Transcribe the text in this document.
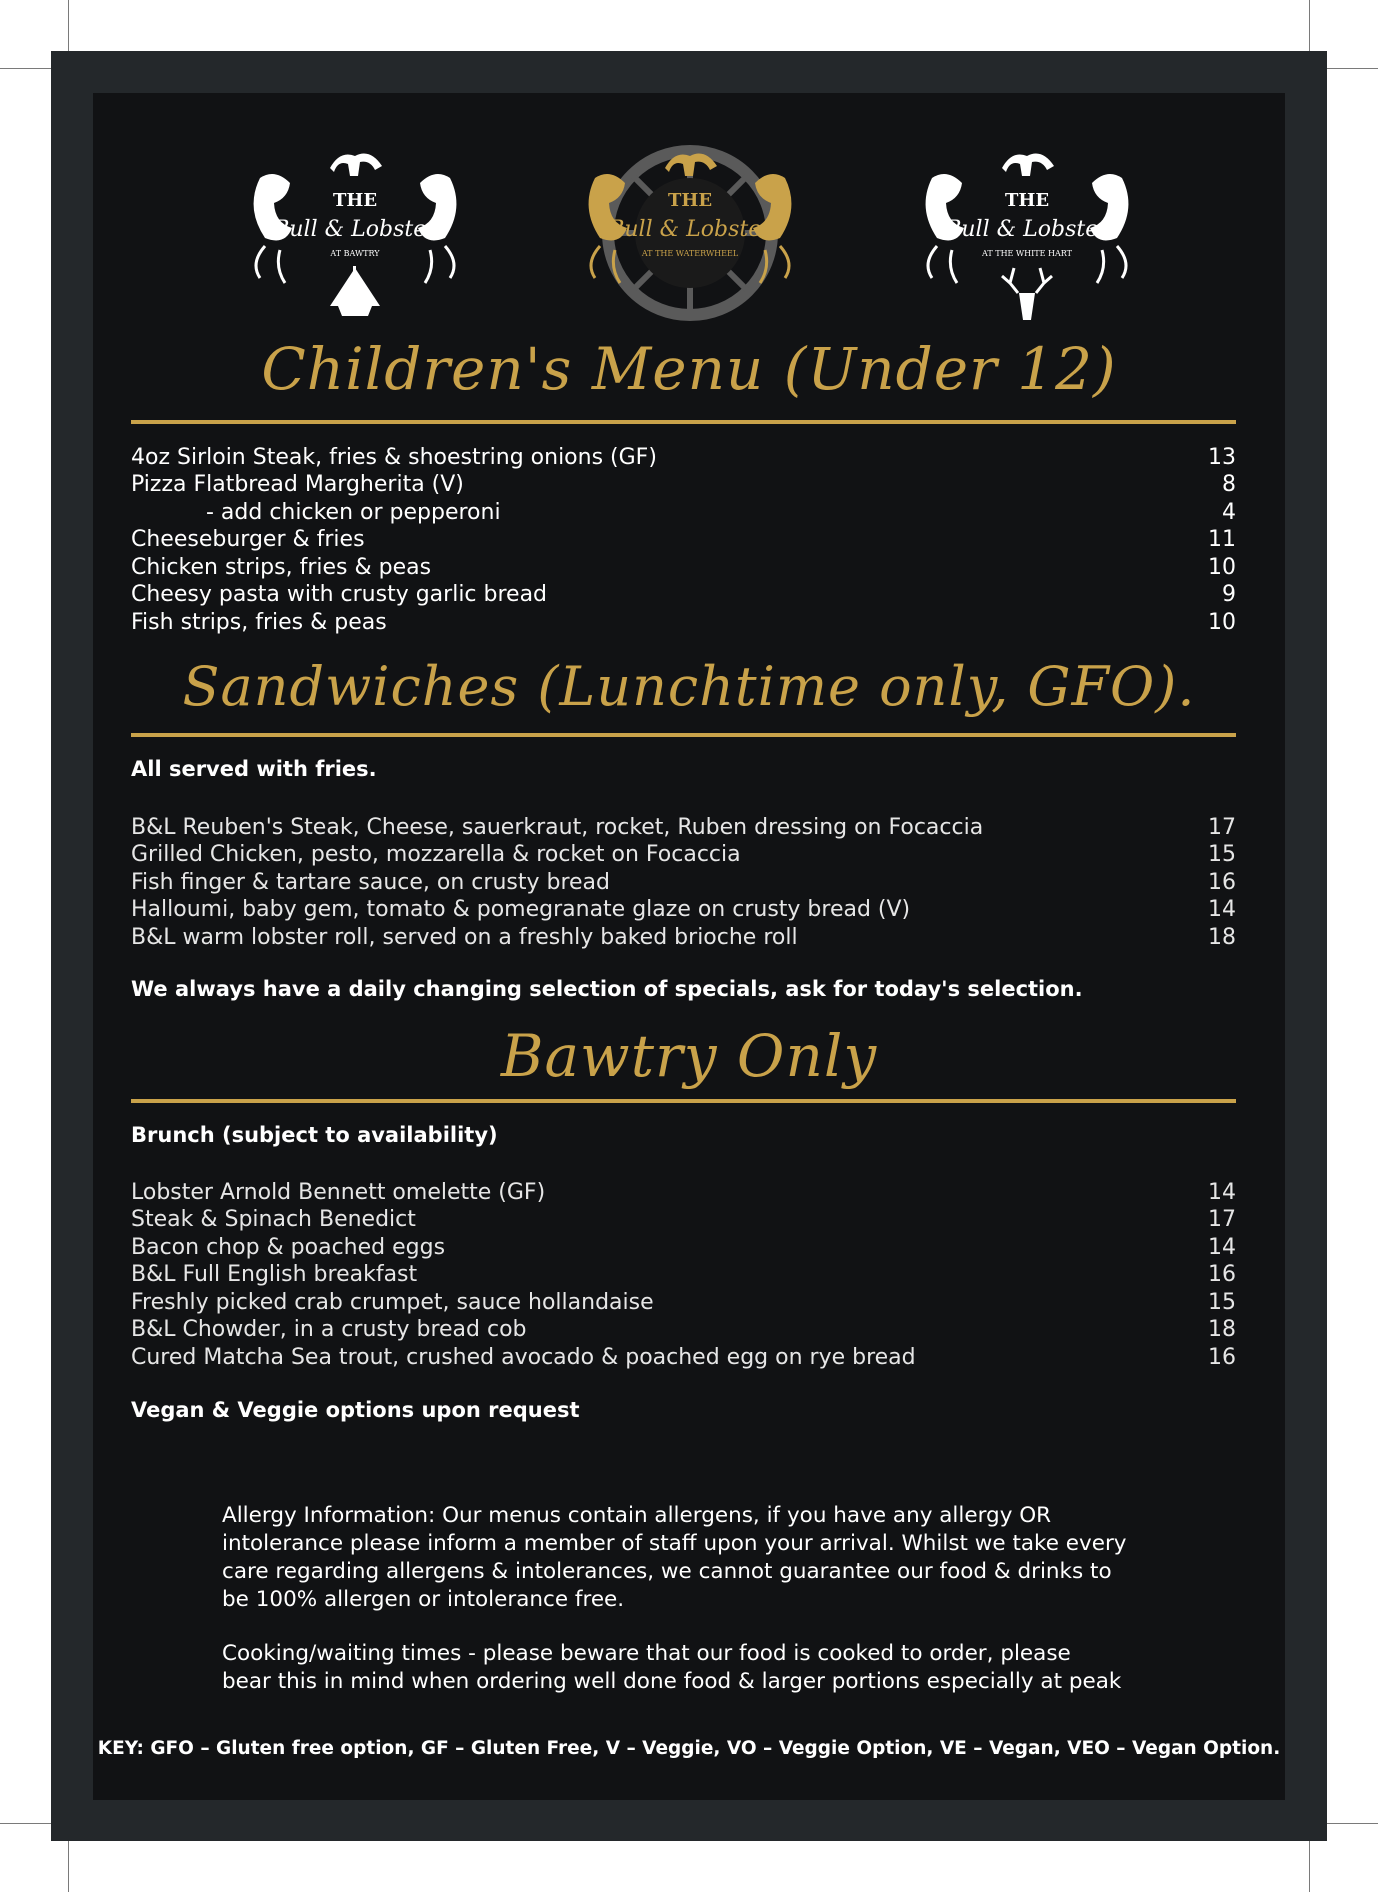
THE
Bull & Lobster
AT BAWTRY
THE
Bull & Lobster
AT THE WATERWHEEL
THE
Bull & Lobster
AT THE WHITE HART
Children's Menu (Under 12)
4oz Sirloin Steak, fries & shoestring onions (GF)	13
Pizza Flatbread Margherita (V)	8
- add chicken or pepperoni	4
Cheeseburger & fries	11
Chicken strips, fries & peas	10
Cheesy pasta with crusty garlic bread	9
Fish strips, fries & peas	10
Sandwiches (Lunchtime only, GFO).
All served with fries.
B&L Reuben's Steak, Cheese, sauerkraut, rocket, Ruben dressing on Focaccia	17
Grilled Chicken, pesto, mozzarella & rocket on Focaccia	15
Fish finger & tartare sauce, on crusty bread	16
Halloumi, baby gem, tomato & pomegranate glaze on crusty bread (V)	14
B&L warm lobster roll, served on a freshly baked brioche roll	18
We always have a daily changing selection of specials, ask for today's selection.
Bawtry Only
Brunch (subject to availability)
Lobster Arnold Bennett omelette (GF)	14
Steak & Spinach Benedict	17
Bacon chop & poached eggs	14
B&L Full English breakfast	16
Freshly picked crab crumpet, sauce hollandaise	15
B&L Chowder, in a crusty bread cob	18
Cured Matcha Sea trout, crushed avocado & poached egg on rye bread	16
Vegan & Veggie options upon request
Allergy Information: Our menus contain allergens, if you have any allergy OR
intolerance please inform a member of staff upon your arrival. Whilst we take every
care regarding allergens & intolerances, we cannot guarantee our food & drinks to
be 100% allergen or intolerance free.
Cooking/waiting times - please beware that our food is cooked to order, please
bear this in mind when ordering well done food & larger portions especially at peak
KEY: GFO – Gluten free option, GF – Gluten Free, V – Veggie, VO – Veggie Option, VE – Vegan, VEO – Vegan Option.
